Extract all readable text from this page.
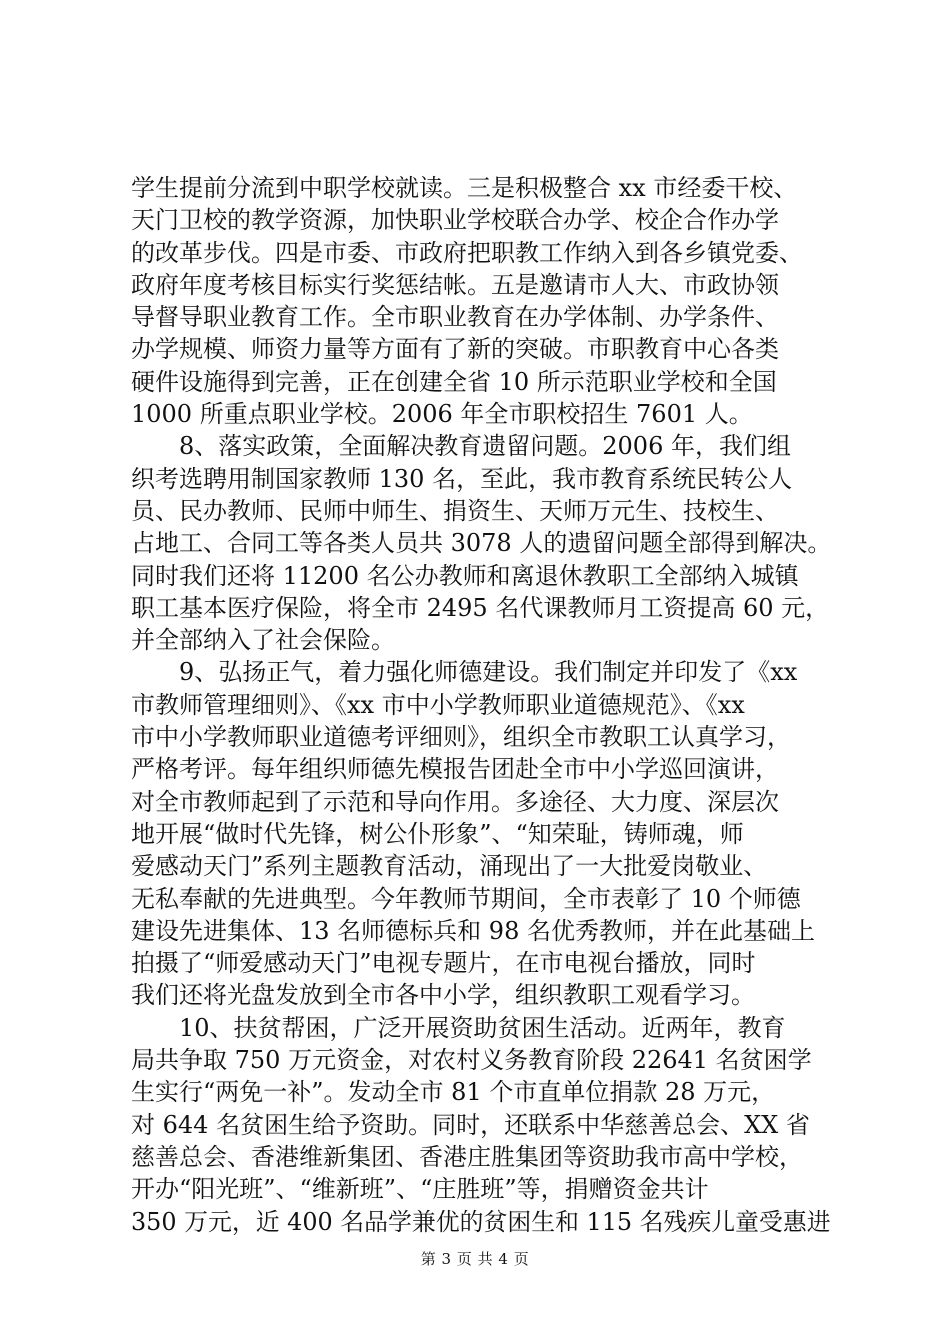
学生提前分流到中职学校就读。三是积极整合 xx 市经委干校、
天门卫校的教学资源，加快职业学校联合办学、校企合作办学
的改革步伐。四是市委、市政府把职教工作纳入到各乡镇党委、
政府年度考核目标实行奖惩结帐。五是邀请市人大、市政协领
导督导职业教育工作。全市职业教育在办学体制、办学条件、
办学规模、师资力量等方面有了新的突破。市职教育中心各类
硬件设施得到完善，正在创建全省 10 所示范职业学校和全国
1000 所重点职业学校。2006 年全市职校招生 7601 人。
　　8、落实政策，全面解决教育遗留问题。2006 年，我们组
织考选聘用制国家教师 130 名，至此，我市教育系统民转公人
员、民办教师、民师中师生、捐资生、天师万元生、技校生、
占地工、合同工等各类人员共 3078 人的遗留问题全部得到解决。
同时我们还将 11200 名公办教师和离退休教职工全部纳入城镇
职工基本医疗保险，将全市 2495 名代课教师月工资提高 60 元，
并全部纳入了社会保险。
　　9、弘扬正气，着力强化师德建设。我们制定并印发了《xx
市教师管理细则》、《xx 市中小学教师职业道德规范》、《xx
市中小学教师职业道德考评细则》，组织全市教职工认真学习，
严格考评。每年组织师德先模报告团赴全市中小学巡回演讲，
对全市教师起到了示范和导向作用。多途径、大力度、深层次
地开展“做时代先锋，树公仆形象”、“知荣耻，铸师魂，师
爱感动天门”系列主题教育活动，涌现出了一大批爱岗敬业、
无私奉献的先进典型。今年教师节期间，全市表彰了 10 个师德
建设先进集体、13 名师德标兵和 98 名优秀教师，并在此基础上
拍摄了“师爱感动天门”电视专题片，在市电视台播放，同时
我们还将光盘发放到全市各中小学，组织教职工观看学习。
　　10、扶贫帮困，广泛开展资助贫困生活动。近两年，教育
局共争取 750 万元资金，对农村义务教育阶段 22641 名贫困学
生实行“两免一补”。发动全市 81 个市直单位捐款 28 万元，
对 644 名贫困生给予资助。同时，还联系中华慈善总会、XX 省
慈善总会、香港维新集团、香港庄胜集团等资助我市高中学校，
开办“阳光班”、“维新班”、“庄胜班”等，捐赠资金共计
350 万元，近 400 名品学兼优的贫困生和 115 名残疾儿童受惠进
第 3 页 共 4 页
